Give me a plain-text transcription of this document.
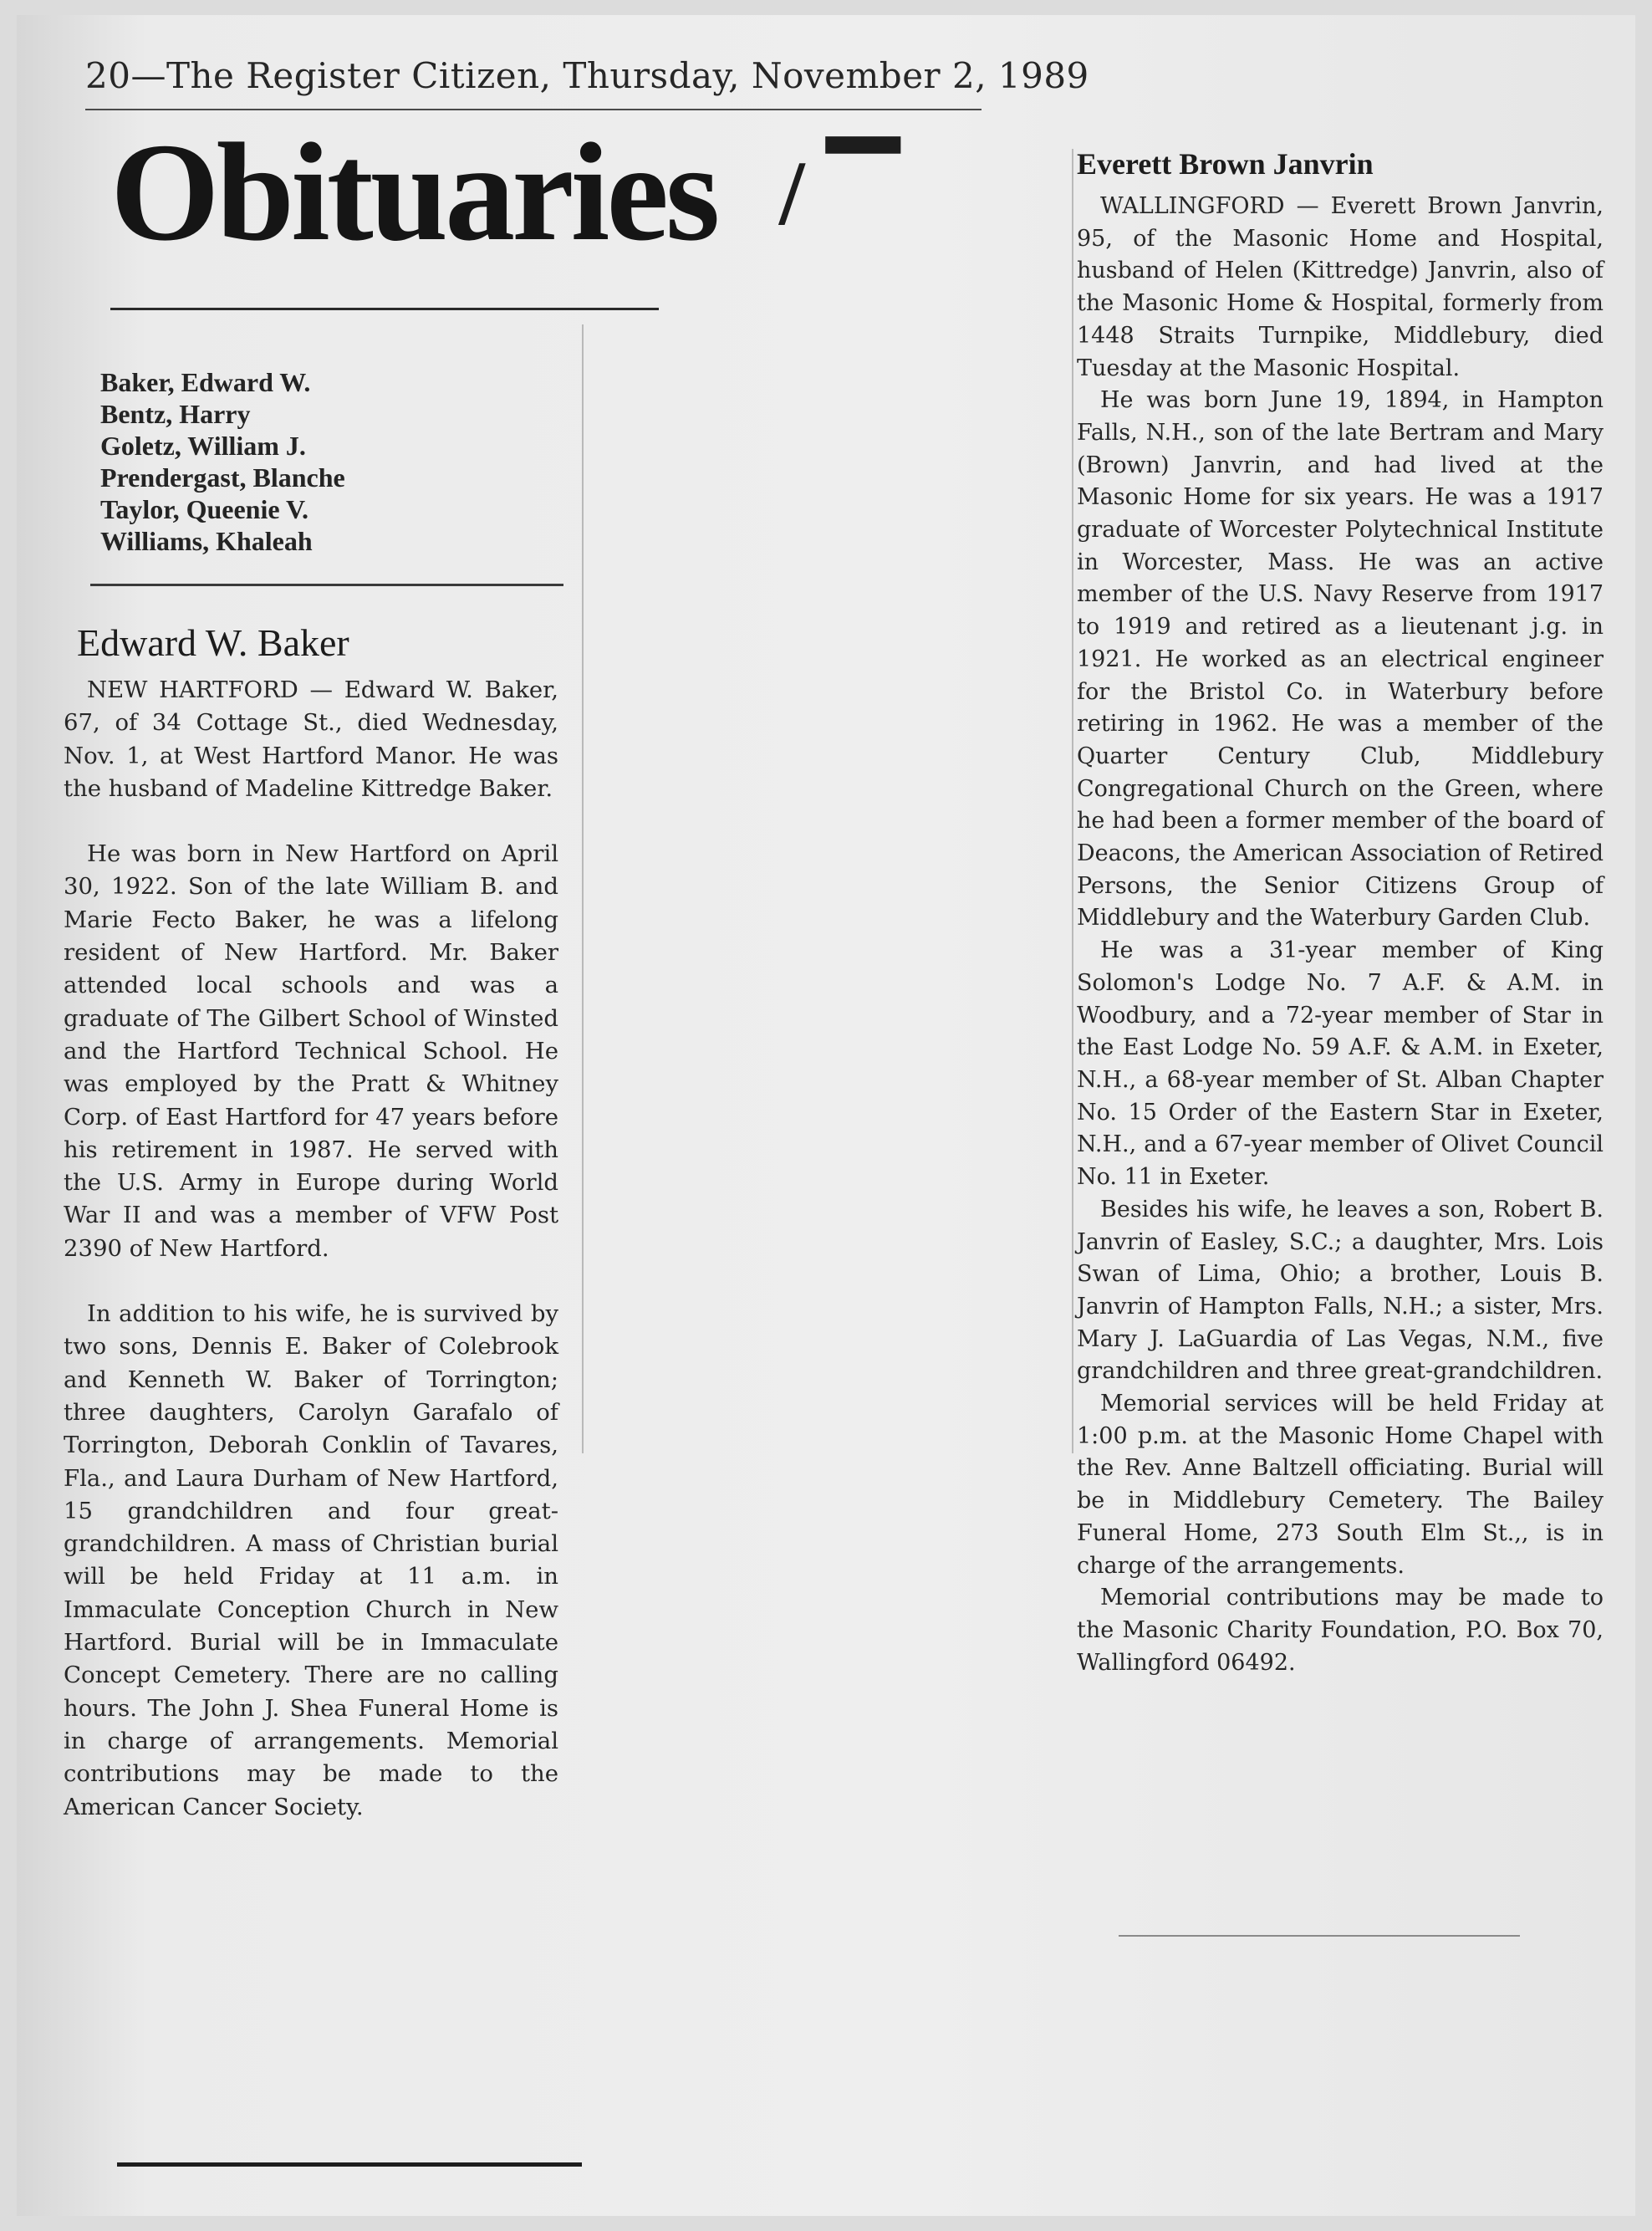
20—The Register Citizen, Thursday, November 2, 1989
Obituaries / ▔
Baker, Edward W.
Bentz, Harry
Goletz, William J.
Prendergast, Blanche
Taylor, Queenie V.
Williams, Khaleah
Edward W. Baker

NEW HARTFORD — Edward W. Baker, 67, of 34 Cottage St., died Wednesday, Nov. 1, at West Hartford Manor. He was the husband of Madeline Kittredge Baker.

He was born in New Hartford on April 30, 1922. Son of the late William B. and Marie Fecto Baker, he was a lifelong resident of New Hartford. Mr. Baker attended local schools and was a graduate of The Gilbert School of Winsted and the Hartford Technical School. He was employed by the Pratt & Whitney Corp. of East Hartford for 47 years before his retirement in 1987. He served with the U.S. Army in Europe during World War II and was a member of VFW Post 2390 of New Hartford.

In addition to his wife, he is survived by two sons, Dennis E. Baker of Colebrook and Kenneth W. Baker of Torrington; three daughters, Carolyn Garafalo of Torrington, Deborah Conklin of Tavares, Fla., and Laura Durham of New Hartford, 15 grandchildren and four great-grandchildren. A mass of Christian burial will be held Friday at 11 a.m. in Immaculate Conception Church in New Hartford. Burial will be in Immaculate Concept Cemetery. There are no calling hours. The John J. Shea Funeral Home is in charge of arrangements. Memorial contributions may be made to the American Cancer Society.

Everett Brown Janvrin

WALLINGFORD — Everett Brown Janvrin, 95, of the Masonic Home and Hospital, husband of Helen (Kittredge) Janvrin, also of the Masonic Home & Hospital, formerly from 1448 Straits Turnpike, Middlebury, died Tuesday at the Masonic Hospital.

He was born June 19, 1894, in Hampton Falls, N.H., son of the late Bertram and Mary (Brown) Janvrin, and had lived at the Masonic Home for six years. He was a 1917 graduate of Worcester Polytechnical Institute in Worcester, Mass. He was an active member of the U.S. Navy Reserve from 1917 to 1919 and retired as a lieutenant j.g. in 1921. He worked as an electrical engineer for the Bristol Co. in Waterbury before retiring in 1962. He was a member of the Quarter Century Club, Middlebury Congregational Church on the Green, where he had been a former member of the board of Deacons, the American Association of Retired Persons, the Senior Citizens Group of Middlebury and the Waterbury Garden Club.

He was a 31-year member of King Solomon's Lodge No. 7 A.F. & A.M. in Woodbury, and a 72-year member of Star in the East Lodge No. 59 A.F. & A.M. in Exeter, N.H., a 68-year member of St. Alban Chapter No. 15 Order of the Eastern Star in Exeter, N.H., and a 67-year member of Olivet Council No. 11 in Exeter.

Besides his wife, he leaves a son, Robert B. Janvrin of Easley, S.C.; a daughter, Mrs. Lois Swan of Lima, Ohio; a brother, Louis B. Janvrin of Hampton Falls, N.H.; a sister, Mrs. Mary J. LaGuardia of Las Vegas, N.M., five grandchildren and three great-grandchildren.

Memorial services will be held Friday at 1:00 p.m. at the Masonic Home Chapel with the Rev. Anne Baltzell officiating. Burial will be in Middlebury Cemetery. The Bailey Funeral Home, 273 South Elm St.,, is in charge of the arrangements.

Memorial contributions may be made to the Masonic Charity Foundation, P.O. Box 70, Wallingford 06492.
